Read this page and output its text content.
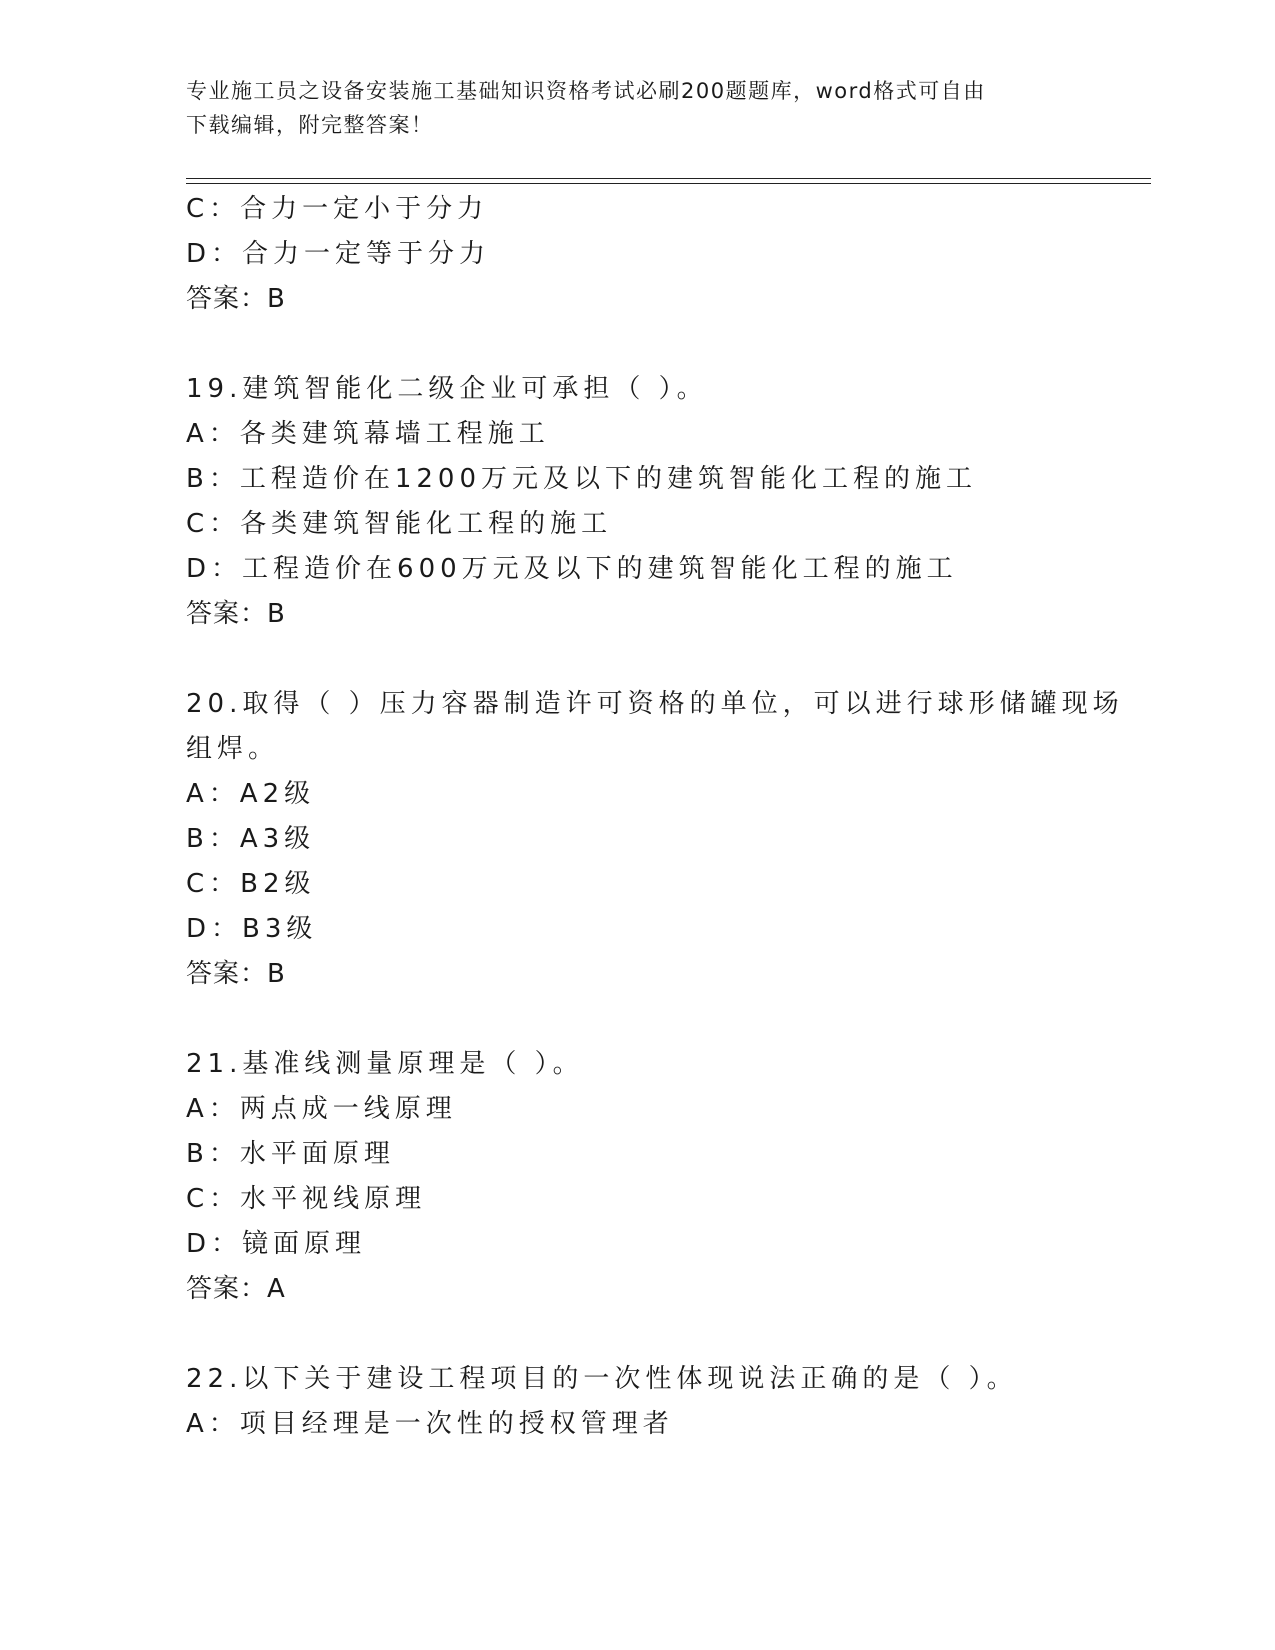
专业施工员之设备安装施工基础知识资格考试必刷200题题库，word格式可自由
下载编辑，附完整答案！
C：合力一定小于分力
D：合力一定等于分力
答案：B
19.建筑智能化二级企业可承担（ ）。
A：各类建筑幕墙工程施工
B：工程造价在1200万元及以下的建筑智能化工程的施工
C：各类建筑智能化工程的施工
D：工程造价在600万元及以下的建筑智能化工程的施工
答案：B
20.取得（ ）压力容器制造许可资格的单位，可以进行球形储罐现场
组焊。
A：A2级
B：A3级
C：B2级
D：B3级
答案：B
21.基准线测量原理是（ ）。
A：两点成一线原理
B：水平面原理
C：水平视线原理
D：镜面原理
答案：A
22.以下关于建设工程项目的一次性体现说法正确的是（ ）。
A：项目经理是一次性的授权管理者
